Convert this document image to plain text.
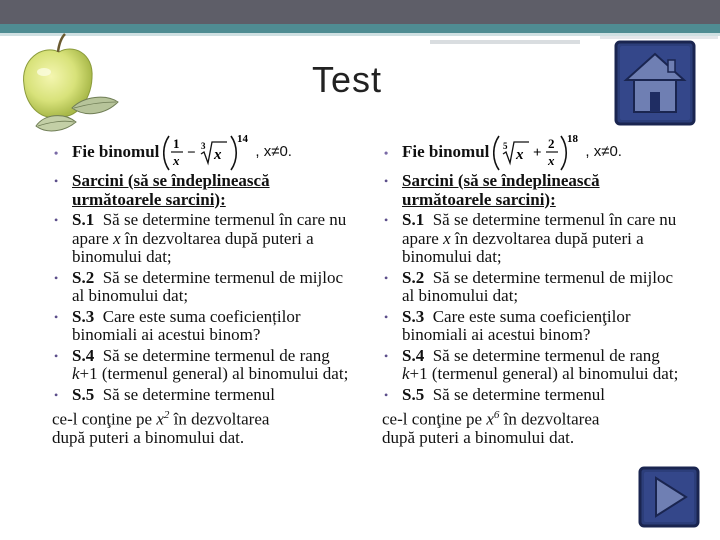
Test
• Fie binomul 1
x − 3
x
14
, x≠0.
• Sarcini (să se îndeplinească următoarele sarcini):
• S.1 Să se determine termenul în care nu apare x în dezvoltarea după puteri a binomului dat;
• S.2 Să se determine termenul de mijloc al binomului dat;
• S.3 Care este suma coeficienților binomiali ai acestui binom?
• S.4 Să se determine termenul de rang k+1 (termenul general) al binomului dat;
• S.5 Să se determine termenul
ce-l conţine pe $x^2$ în dezvoltarea
după puteri a binomului dat.
• Fie binomul 5
x +
2
x
18
, x≠0.
• Sarcini (să se îndeplinească următoarele sarcini):
• S.1 Să se determine termenul în care nu apare x în dezvoltarea după puteri a binomului dat;
• S.2 Să se determine termenul de mijloc al binomului dat;
• S.3 Care este suma coeficienţilor binomiali ai acestui binom?
• S.4 Să se determine termenul de rang k+1 (termenul general) al binomului dat;
• S.5 Să se determine termenul
ce-l conţine pe $x^6$ în dezvoltarea
după puteri a binomului dat.
